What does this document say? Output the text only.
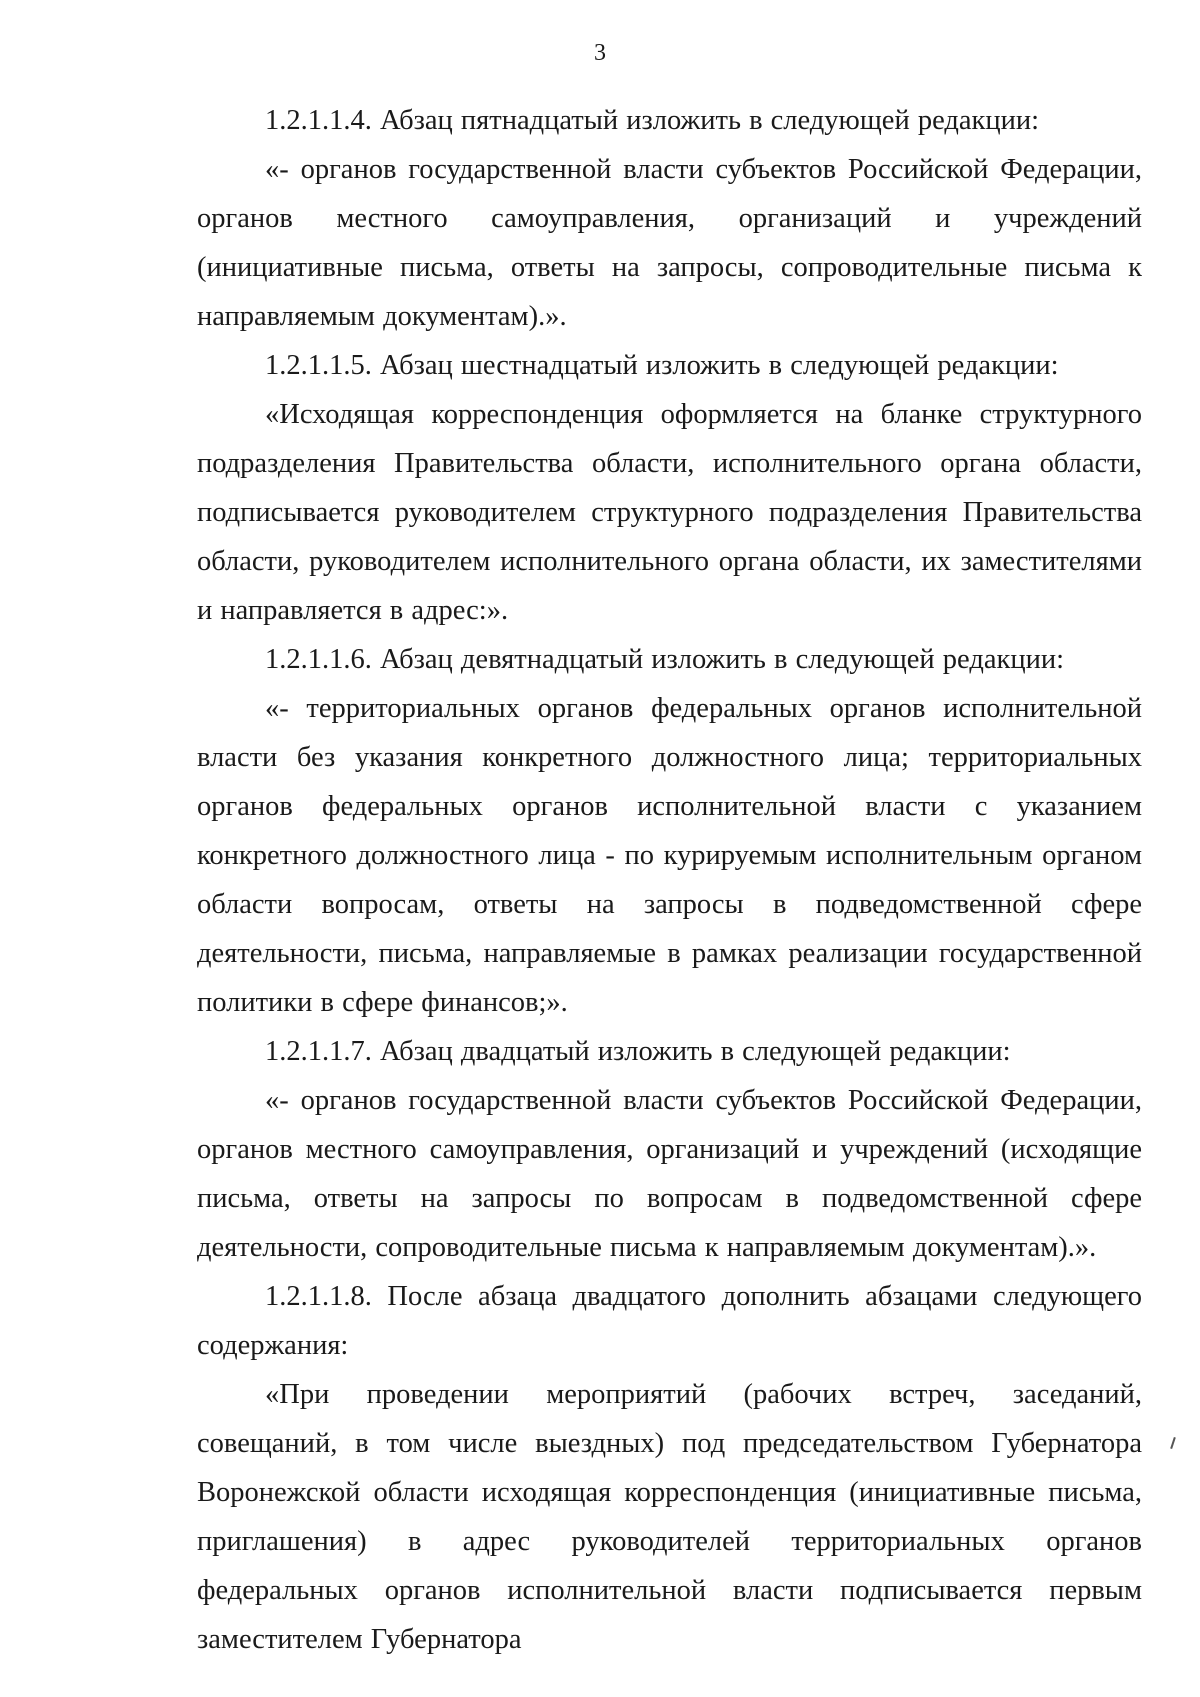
3

1.2.1.1.4. Абзац пятнадцатый изложить в следующей редакции:

«- органов государственной власти субъектов Российской Федерации, органов местного самоуправления, организаций и учреждений (инициативные письма, ответы на запросы, сопроводительные письма к направляемым документам).».

1.2.1.1.5. Абзац шестнадцатый изложить в следующей редакции:

«Исходящая корреспонденция оформляется на бланке структурного подразделения Правительства области, исполнительного органа области, подписывается руководителем структурного подразделения Правительства области, руководителем исполнительного органа области, их заместителями и направляется в адрес:».

1.2.1.1.6. Абзац девятнадцатый изложить в следующей редакции:

«- территориальных органов федеральных органов исполнительной власти без указания конкретного должностного лица; территориальных органов федеральных органов исполнительной власти с указанием конкретного должностного лица - по курируемым исполнительным органом области вопросам, ответы на запросы в подведомственной сфере деятельности, письма, направляемые в рамках реализации государственной политики в сфере финансов;».

1.2.1.1.7. Абзац двадцатый изложить в следующей редакции:

«- органов государственной власти субъектов Российской Федерации, органов местного самоуправления, организаций и учреждений (исходящие письма, ответы на запросы по вопросам в подведомственной сфере деятельности, сопроводительные письма к направляемым документам).».

1.2.1.1.8. После абзаца двадцатого дополнить абзацами следующего содержания:

«При проведении мероприятий (рабочих встреч, заседаний, совещаний, в том числе выездных) под председательством Губернатора Воронежской области исходящая корреспонденция (инициативные письма, приглашения) в адрес руководителей территориальных органов федеральных органов исполнительной власти подписывается первым заместителем Губернатора
